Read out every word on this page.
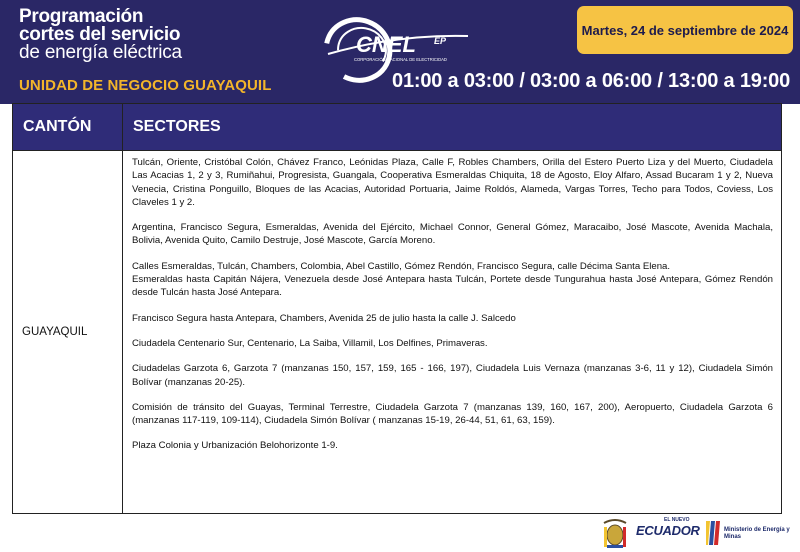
Programación
cortes del servicio
de energía eléctrica
UNIDAD DE NEGOCIO GUAYAQUIL
CNEL EP
CORPORACIÓN NACIONAL DE ELECTRICIDAD
Martes, 24 de septiembre de 2024
01:00 a 03:00 / 03:00 a 06:00 / 13:00 a 19:00
CANTÓN	SECTORES
GUAYAQUIL

Tulcán, Oriente, Cristóbal Colón, Chávez Franco, Leónidas Plaza, Calle F, Robles Chambers, Orilla del Estero Puerto Liza y del Muerto, Ciudadela Las Acacias 1, 2 y 3, Rumiñahui, Progresista, Guangala, Cooperativa Esmeraldas Chiquita, 18 de Agosto, Eloy Alfaro, Assad Bucaram 1 y 2, Nueva Venecia, Cristina Ponguillo, Bloques de las Acacias, Autoridad Portuaria, Jaime Roldós, Alameda, Vargas Torres, Techo para Todos, Coviess, Los Claveles 1 y 2.

Argentina, Francisco Segura, Esmeraldas, Avenida del Ejército, Michael Connor, General Gómez, Maracaibo, José Mascote, Avenida Machala, Bolivia, Avenida Quito, Camilo Destruje, José Mascote, García Moreno.

Calles Esmeraldas, Tulcán, Chambers, Colombia, Abel Castillo, Gómez Rendón, Francisco Segura, calle Décima Santa Elena.

Esmeraldas hasta Capitán Nájera, Venezuela desde José Antepara hasta Tulcán, Portete desde Tungurahua hasta José Antepara, Gómez Rendón desde Tulcán hasta José Antepara.

Francisco Segura hasta Antepara, Chambers, Avenida 25 de julio hasta la calle J. Salcedo

Ciudadela Centenario Sur, Centenario, La Saiba, Villamil, Los Delfines, Primaveras.

Ciudadelas Garzota 6, Garzota 7 (manzanas 150, 157, 159, 165 - 166, 197), Ciudadela Luis Vernaza (manzanas 3-6, 11 y 12), Ciudadela Simón Bolívar (manzanas 20-25).

Comisión de tránsito del Guayas, Terminal Terrestre, Ciudadela Garzota 7 (manzanas 139, 160, 167, 200), Aeropuerto, Ciudadela Garzota 6 (manzanas 117-119, 109-114), Ciudadela Simón Bolívar ( manzanas 15-19, 26-44, 51, 61, 63, 159).

Plaza Colonia y Urbanización Belohorizonte 1-9.

EL NUEVO
ECUADOR	Ministerio de Energía y Minas
